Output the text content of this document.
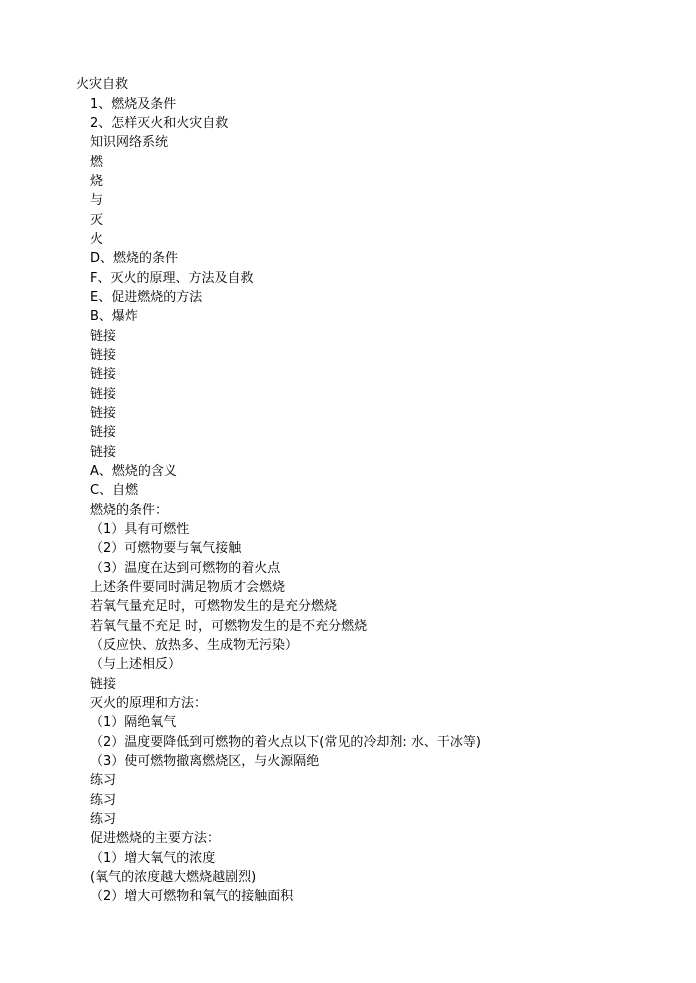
火灾自救
1、燃烧及条件
2、怎样灭火和火灾自救
知识网络系统
燃
烧
与
灭
火
D、燃烧的条件
F、灭火的原理、方法及自救
E、促进燃烧的方法
B、爆炸
链接
链接
链接
链接
链接
链接
链接
A、燃烧的含义
C、自燃
燃烧的条件：
（1）具有可燃性
（2）可燃物要与氧气接触
（3）温度在达到可燃物的着火点
上述条件要同时满足物质才会燃烧
若氧气量充足时，可燃物发生的是充分燃烧
若氧气量不充足 时，可燃物发生的是不充分燃烧
（反应快、放热多、生成物无污染）
（与上述相反）
链接
灭火的原理和方法：
（1）隔绝氧气
（2）温度要降低到可燃物的着火点以下(常见的冷却剂: 水、干冰等)
（3）使可燃物撤离燃烧区，与火源隔绝
练习
练习
练习
促进燃烧的主要方法：
（1）增大氧气的浓度
(氧气的浓度越大燃烧越剧烈)
（2）增大可燃物和氧气的接触面积
